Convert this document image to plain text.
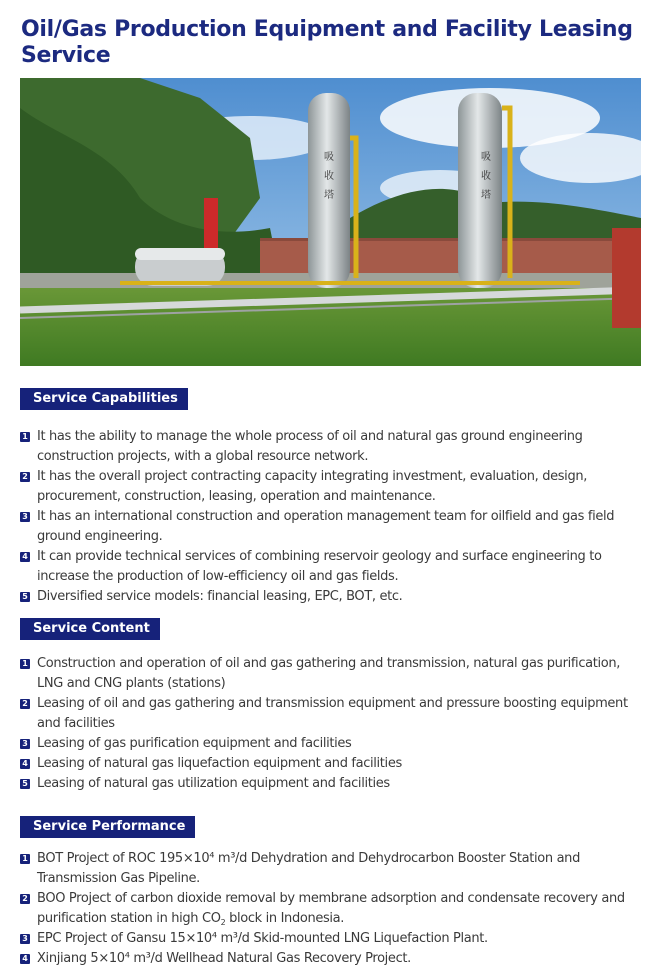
Oil/Gas Production Equipment and Facility Leasing Service
吸
收
塔
吸
收
塔
Service Capabilities
1 It has the ability to manage the whole process of oil and natural gas ground engineering construction projects, with a global resource network.
2 It has the overall project contracting capacity integrating investment, evaluation, design, procurement, construction, leasing, operation and maintenance.
3 It has an international construction and operation management team for oilfield and gas field ground engineering.
4 It can provide technical services of combining reservoir geology and surface engineering to increase the production of low-efficiency oil and gas fields.
5 Diversified service models: financial leasing, EPC, BOT, etc.
Service Content
1 Construction and operation of oil and gas gathering and transmission, natural gas purification, LNG and CNG plants (stations)
2 Leasing of oil and gas gathering and transmission equipment and pressure boosting equipment and facilities
3 Leasing of gas purification equipment and facilities
4 Leasing of natural gas liquefaction equipment and facilities
5 Leasing of natural gas utilization equipment and facilities
Service Performance
1 BOT Project of ROC 195×10⁴ m³/d Dehydration and Dehydrocarbon Booster Station and Transmission Gas Pipeline.
2 BOO Project of carbon dioxide removal by membrane adsorption and condensate recovery and purification station in high $CO_2$ block in Indonesia.
3 EPC Project of Gansu 15×10⁴ m³/d Skid-mounted LNG Liquefaction Plant.
4 Xinjiang 5×10⁴ m³/d Wellhead Natural Gas Recovery Project.
